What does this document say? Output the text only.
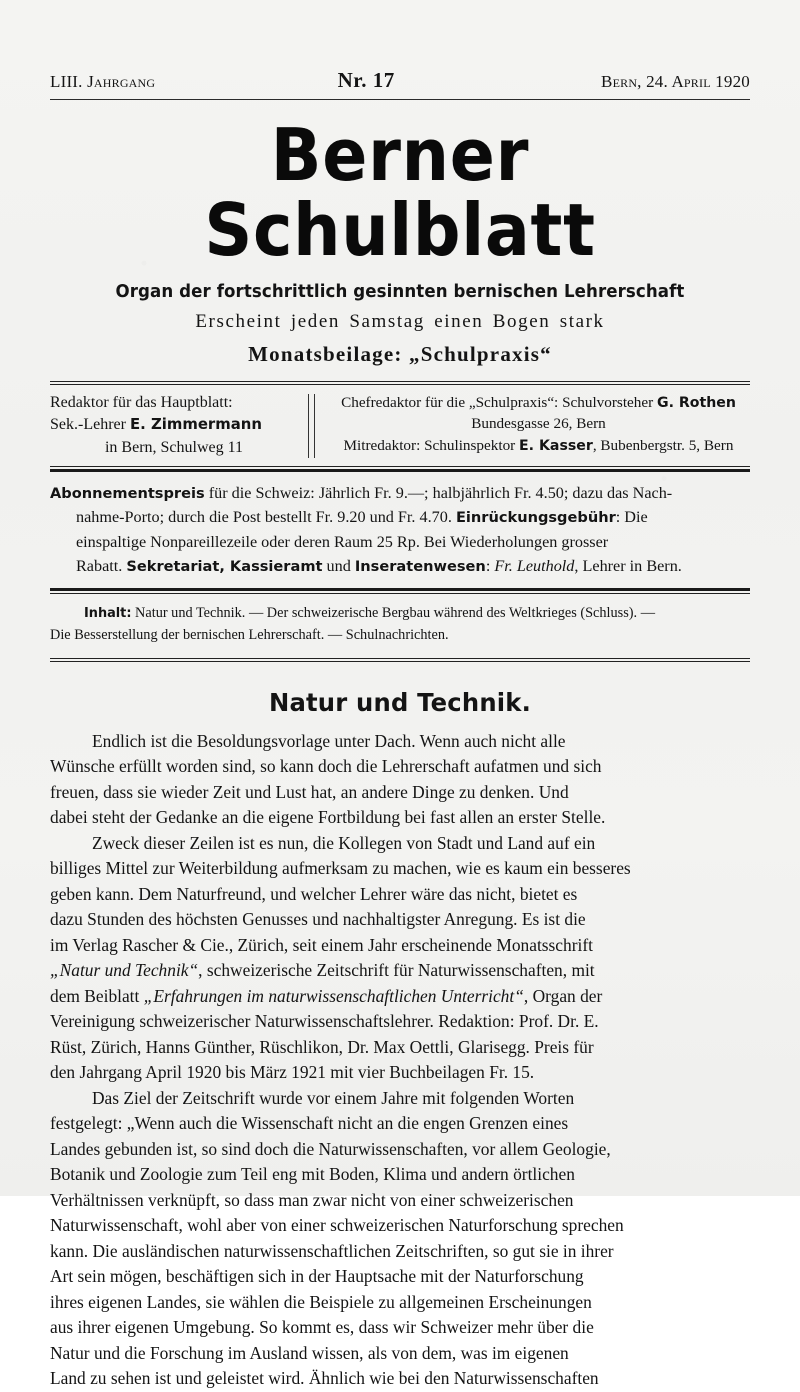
LIII. Jahrgang	Nr. 17	Bern, 24. April 1920
Berner Schulblatt
Organ der fortschrittlich gesinnten bernischen Lehrerschaft
Erscheint jeden Samstag einen Bogen stark
Monatsbeilage: „Schulpraxis“
Redaktor für das Hauptblatt:
Sek.-Lehrer E. Zimmermann
in Bern, Schulweg 11
Chefredaktor für die „Schulpraxis“: Schulvorsteher G. Rothen
Bundesgasse 26, Bern
Mitredaktor: Schulinspektor E. Kasser, Bubenbergstr. 5, Bern
Abonnementspreis für die Schweiz: Jährlich Fr. 9.—; halbjährlich Fr. 4.50; dazu das Nach-
nahme-Porto; durch die Post bestellt Fr. 9.20 und Fr. 4.70. Einrückungsgebühr: Die
einspaltige Nonpareillezeile oder deren Raum 25 Rp. Bei Wiederholungen grosser
Rabatt. Sekretariat, Kassieramt und Inseratenwesen: Fr. Leuthold, Lehrer in Bern.
Inhalt: Natur und Technik. — Der schweizerische Bergbau während des Weltkrieges (Schluss). —
Die Besserstellung der bernischen Lehrerschaft. — Schulnachrichten.
Natur und Technik.

Endlich ist die Besoldungsvorlage unter Dach. Wenn auch nicht alle
Wünsche erfüllt worden sind, so kann doch die Lehrerschaft aufatmen und sich
freuen, dass sie wieder Zeit und Lust hat, an andere Dinge zu denken. Und
dabei steht der Gedanke an die eigene Fortbildung bei fast allen an erster Stelle.

Zweck dieser Zeilen ist es nun, die Kollegen von Stadt und Land auf ein
billiges Mittel zur Weiterbildung aufmerksam zu machen, wie es kaum ein besseres
geben kann. Dem Naturfreund, und welcher Lehrer wäre das nicht, bietet es
dazu Stunden des höchsten Genusses und nachhaltigster Anregung. Es ist die
im Verlag Rascher & Cie., Zürich, seit einem Jahr erscheinende Monatsschrift
„Natur und Technik“, schweizerische Zeitschrift für Naturwissenschaften, mit
dem Beiblatt „Erfahrungen im naturwissenschaftlichen Unterricht“, Organ der
Vereinigung schweizerischer Naturwissenschaftslehrer. Redaktion: Prof. Dr. E.
Rüst, Zürich, Hanns Günther, Rüschlikon, Dr. Max Oettli, Glarisegg. Preis für
den Jahrgang April 1920 bis März 1921 mit vier Buchbeilagen Fr. 15.

Das Ziel der Zeitschrift wurde vor einem Jahre mit folgenden Worten
festgelegt: „Wenn auch die Wissenschaft nicht an die engen Grenzen eines
Landes gebunden ist, so sind doch die Naturwissenschaften, vor allem Geologie,
Botanik und Zoologie zum Teil eng mit Boden, Klima und andern örtlichen
Verhältnissen verknüpft, so dass man zwar nicht von einer schweizerischen
Naturwissenschaft, wohl aber von einer schweizerischen Naturforschung sprechen
kann. Die ausländischen naturwissenschaftlichen Zeitschriften, so gut sie in ihrer
Art sein mögen, beschäftigen sich in der Hauptsache mit der Naturforschung
ihres eigenen Landes, sie wählen die Beispiele zu allgemeinen Erscheinungen
aus ihrer eigenen Umgebung. So kommt es, dass wir Schweizer mehr über die
Natur und die Forschung im Ausland wissen, als von dem, was im eigenen
Land zu sehen ist und geleistet wird. Ähnlich wie bei den Naturwissenschaften
